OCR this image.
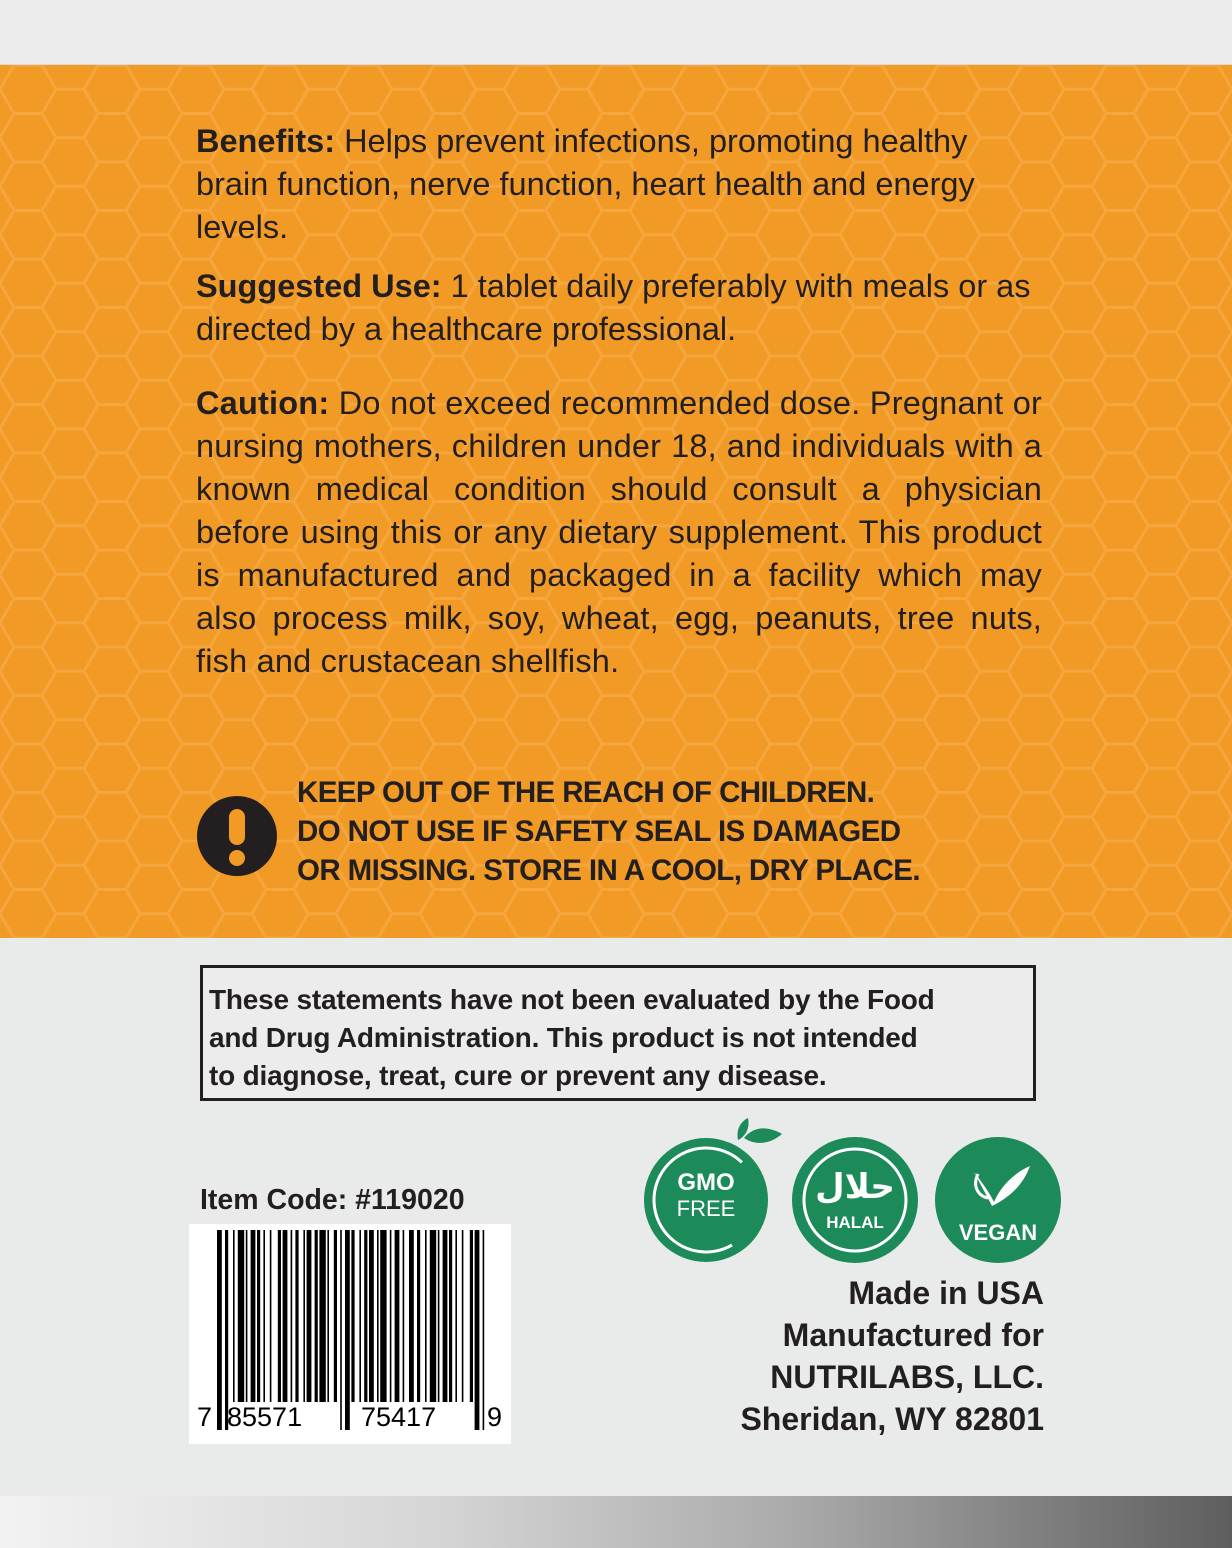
Benefits: Helps prevent infections, promoting healthy brain function, nerve function, heart health and energy levels.

Suggested Use: 1 tablet daily preferably with meals or as directed by a healthcare professional.

Caution: Do not exceed recommended dose. Pregnant or nursing mothers, children under 18, and individuals with a known medical condition should consult a physician before using this or any dietary supplement. This product is manufactured and packaged in a facility which may also process milk, soy, wheat, egg, peanuts, tree nuts, fish and crustacean shellfish.

KEEP OUT OF THE REACH OF CHILDREN.
DO NOT USE IF SAFETY SEAL IS DAMAGED
OR MISSING. STORE IN A COOL, DRY PLACE.
These statements have not been evaluated by the Food
and Drug Administration. This product is not intended
to diagnose, treat, cure or prevent any disease.
Item Code: #119020
7 85571 75417 9
GMO
FREE
حلال
HALAL	VEGAN
Made in USA
Manufactured for
NUTRILABS, LLC.
Sheridan, WY 82801
